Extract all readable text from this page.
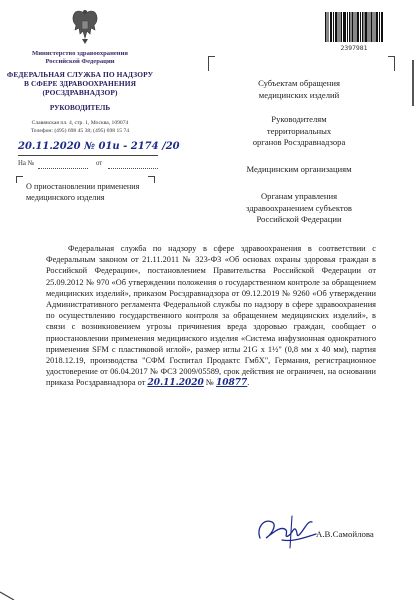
Министерство здравоохранения
Российской Федерации
ФЕДЕРАЛЬНАЯ СЛУЖБА ПО НАДЗОРУ
В СФЕРЕ ЗДРАВООХРАНЕНИЯ
(РОСЗДРАВНАДЗОР)
РУКОВОДИТЕЛЬ
Славянская пл. 4, стр. 1, Москва, 109074
Телефон: (495) 698 45 38; (495) 698 15 74
20.11.2020 № 01u - 2174 /20
На №	от
О приостановлении применения
медицинского изделия
2397981
Субъектам обращения
медицинских изделий
Руководителям
территориальных
органов Росздравнадзора
Медицинским организациям
Органам управления
здравоохранением субъектов
Российской Федерации
Федеральная служба по надзору в сфере здравоохранения в соответствии с Федеральным законом от 21.11.2011 № 323-ФЗ «Об основах охраны здоровья граждан в Российской Федерации», постановлением Правительства Российской Федерации от 25.09.2012 № 970 «Об утверждении положения о государственном контроле за обращением медицинских изделий», приказом Росздравнадзора от 09.12.2019 № 9260 «Об утверждении Административного регламента Федеральной службы по надзору в сфере здравоохранения по осуществлению государственного контроля за обращением медицинских изделий», в связи с возникновением угрозы причинения вреда здоровью граждан, сообщает о приостановлении применения медицинского изделия «Система инфузионная однократного применения SFM с пластиковой иглой», размер иглы 21G x 1½" (0,8 мм x 40 мм), партия 2018.12.19, производства "СФМ Госпитал Продактс ГмбХ", Германия, регистрационное удостоверение от 06.04.2017 № ФСЗ 2009/05589, срок действия не ограничен, на основании приказа Росздравнадзора от 20.11.2020 № 10877.
А.В.Самойлова
